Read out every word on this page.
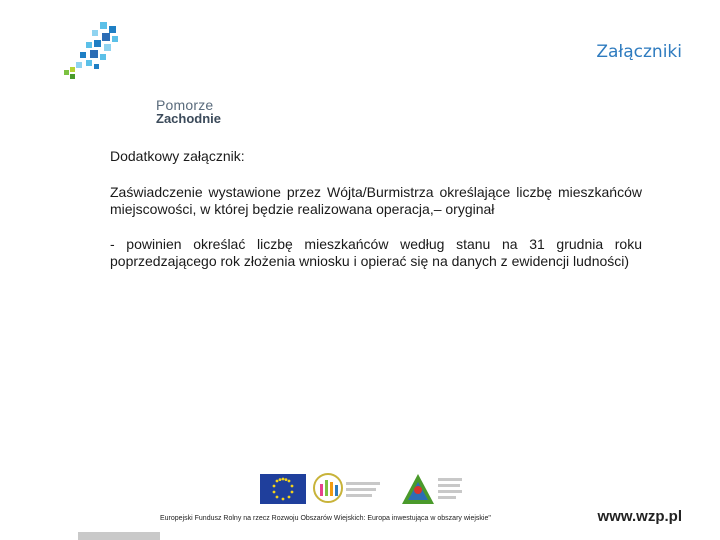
Pomorze
Zachodnie
Załączniki

Dodatkowy załącznik:

Zaświadczenie wystawione przez Wójta/Burmistrza określające liczbę mieszkańców miejscowości, w której będzie realizowana operacja,– oryginał

- powinien określać liczbę mieszkańców według stanu na 31 grudnia roku poprzedzającego rok złożenia wniosku i opierać się na danych z ewidencji ludności)

Europejski Fundusz Rolny na rzecz Rozwoju Obszarów Wiejskich: Europa inwestująca w obszary wiejskie"	www.wzp.pl
